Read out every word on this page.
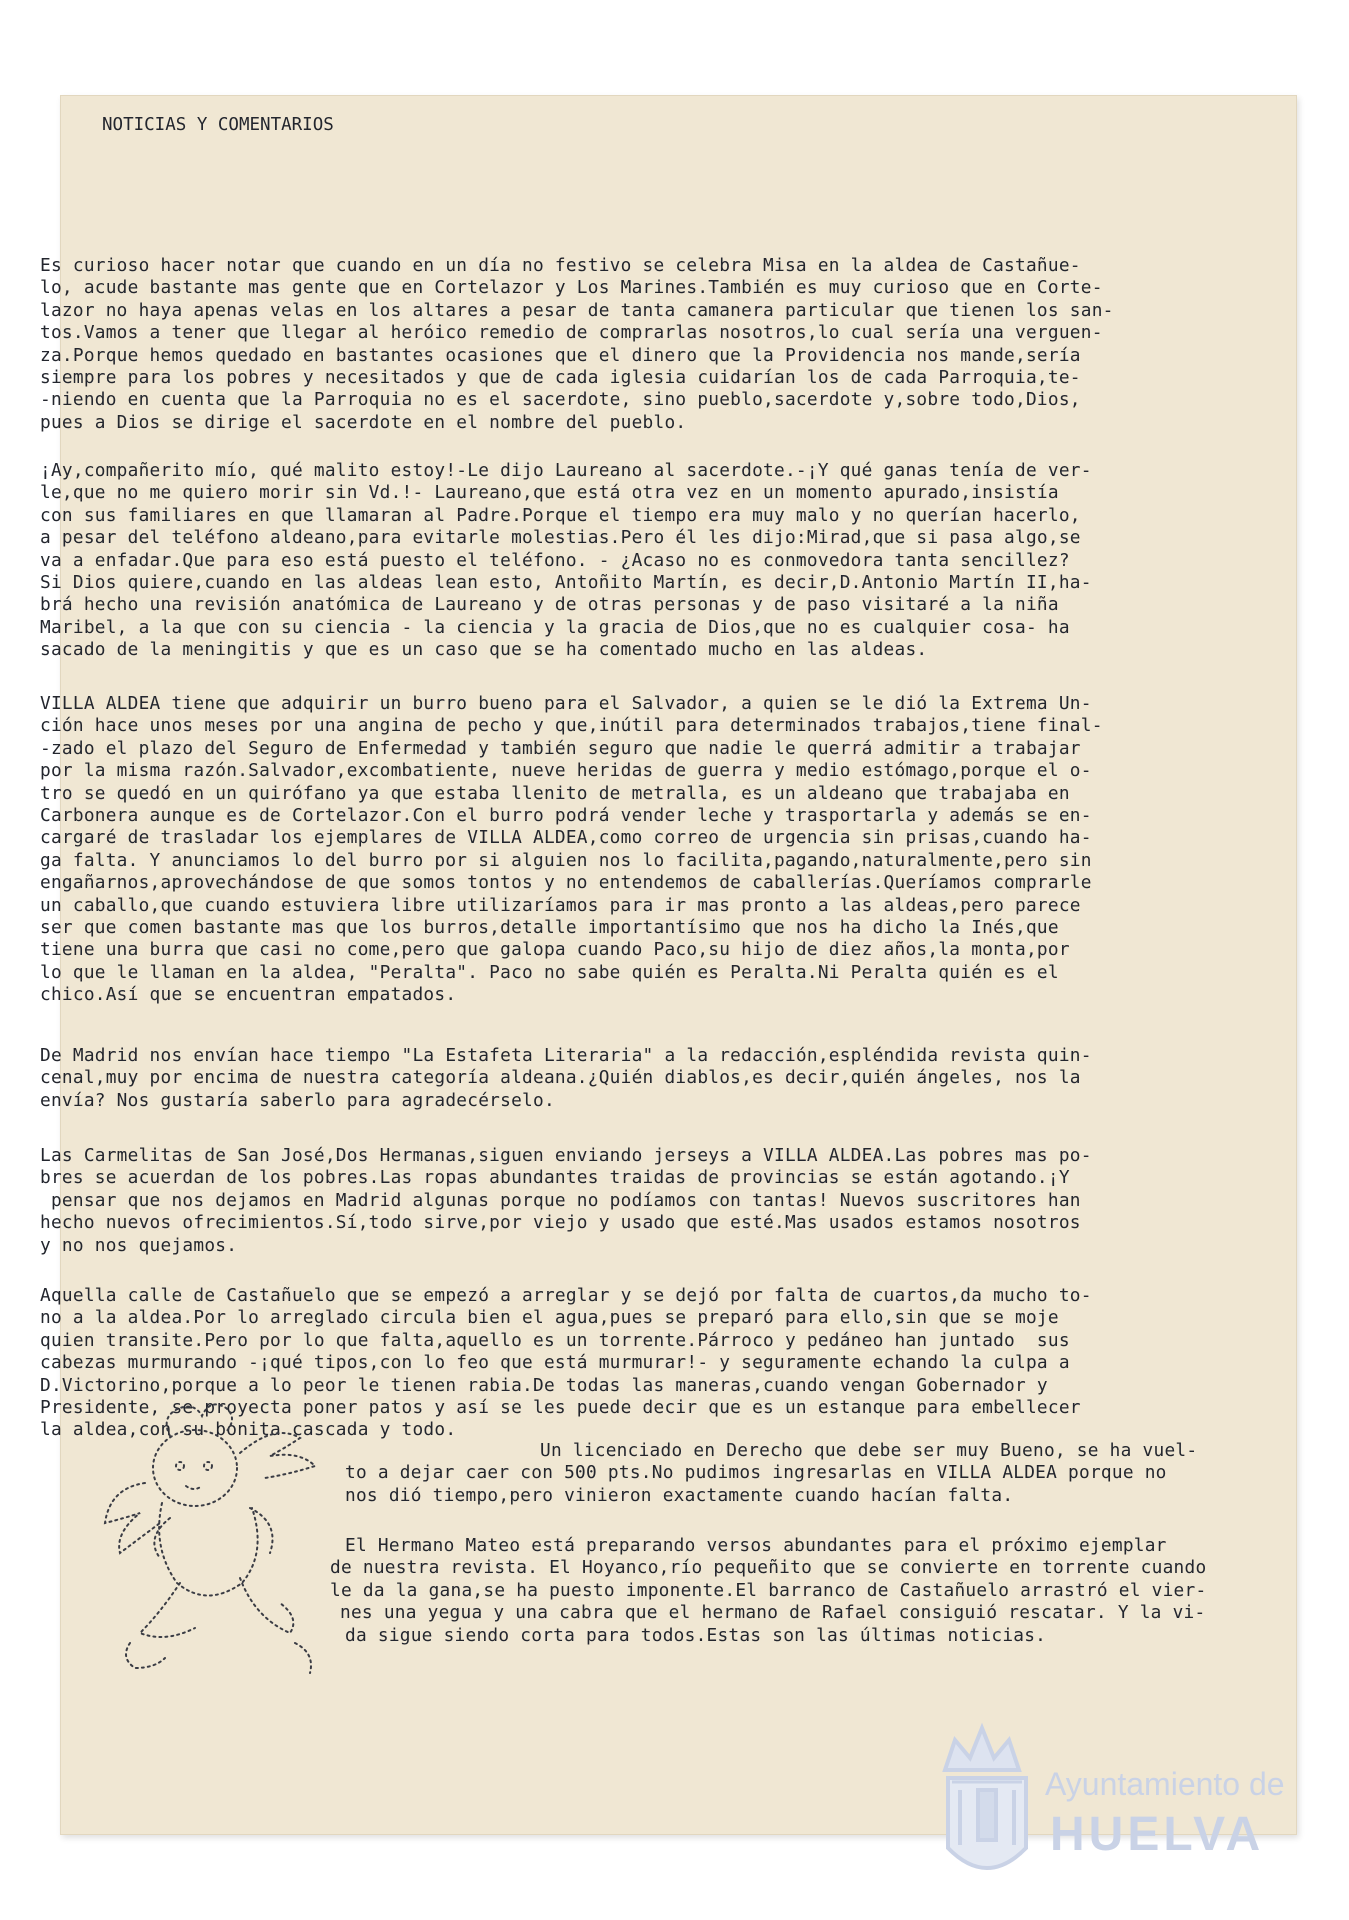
NOTICIAS Y COMENTARIOS
Es curioso hacer notar que cuando en un día no festivo se celebra Misa en la aldea de Castañue-
lo, acude bastante mas gente que en Cortelazor y Los Marines.También es muy curioso que en Corte-
lazor no haya apenas velas en los altares a pesar de tanta camanera particular que tienen los san-
tos.Vamos a tener que llegar al heróico remedio de comprarlas nosotros,lo cual sería una verguen-
za.Porque hemos quedado en bastantes ocasiones que el dinero que la Providencia nos mande,sería
siempre para los pobres y necesitados y que de cada iglesia cuidarían los de cada Parroquia,te-
-niendo en cuenta que la Parroquia no es el sacerdote, sino pueblo,sacerdote y,sobre todo,Dios,
pues a Dios se dirige el sacerdote en el nombre del pueblo.
¡Ay,compañerito mío, qué malito estoy!-Le dijo Laureano al sacerdote.-¡Y qué ganas tenía de ver-
le,que no me quiero morir sin Vd.!- Laureano,que está otra vez en un momento apurado,insistía
con sus familiares en que llamaran al Padre.Porque el tiempo era muy malo y no querían hacerlo,
a pesar del teléfono aldeano,para evitarle molestias.Pero él les dijo:Mirad,que si pasa algo,se
va a enfadar.Que para eso está puesto el teléfono. - ¿Acaso no es conmovedora tanta sencillez?
Si Dios quiere,cuando en las aldeas lean esto, Antoñito Martín, es decir,D.Antonio Martín II,ha-
brá hecho una revisión anatómica de Laureano y de otras personas y de paso visitaré a la niña
Maribel, a la que con su ciencia - la ciencia y la gracia de Dios,que no es cualquier cosa- ha
sacado de la meningitis y que es un caso que se ha comentado mucho en las aldeas.
VILLA ALDEA tiene que adquirir un burro bueno para el Salvador, a quien se le dió la Extrema Un-
ción hace unos meses por una angina de pecho y que,inútil para determinados trabajos,tiene final-
-zado el plazo del Seguro de Enfermedad y también seguro que nadie le querrá admitir a trabajar
por la misma razón.Salvador,excombatiente, nueve heridas de guerra y medio estómago,porque el o-
tro se quedó en un quirófano ya que estaba llenito de metralla, es un aldeano que trabajaba en
Carbonera aunque es de Cortelazor.Con el burro podrá vender leche y trasportarla y además se en-
cargaré de trasladar los ejemplares de VILLA ALDEA,como correo de urgencia sin prisas,cuando ha-
ga falta. Y anunciamos lo del burro por si alguien nos lo facilita,pagando,naturalmente,pero sin
engañarnos,aprovechándose de que somos tontos y no entendemos de caballerías.Queríamos comprarle
un caballo,que cuando estuviera libre utilizaríamos para ir mas pronto a las aldeas,pero parece
ser que comen bastante mas que los burros,detalle importantísimo que nos ha dicho la Inés,que
tiene una burra que casi no come,pero que galopa cuando Paco,su hijo de diez años,la monta,por
lo que le llaman en la aldea, "Peralta". Paco no sabe quién es Peralta.Ni Peralta quién es el
chico.Así que se encuentran empatados.
De Madrid nos envían hace tiempo "La Estafeta Literaria" a la redacción,espléndida revista quin-
cenal,muy por encima de nuestra categoría aldeana.¿Quién diablos,es decir,quién ángeles, nos la
envía? Nos gustaría saberlo para agradecérselo.
Las Carmelitas de San José,Dos Hermanas,siguen enviando jerseys a VILLA ALDEA.Las pobres mas po-
bres se acuerdan de los pobres.Las ropas abundantes traidas de provincias se están agotando.¡Y
pensar que nos dejamos en Madrid algunas porque no podíamos con tantas! Nuevos suscritores han
hecho nuevos ofrecimientos.Sí,todo sirve,por viejo y usado que esté.Mas usados estamos nosotros
y no nos quejamos.
Aquella calle de Castañuelo que se empezó a arreglar y se dejó por falta de cuartos,da mucho to-
no a la aldea.Por lo arreglado circula bien el agua,pues se preparó para ello,sin que se moje
quien transite.Pero por lo que falta,aquello es un torrente.Párroco y pedáneo han juntado  sus
cabezas murmurando -¡qué tipos,con lo feo que está murmurar!- y seguramente echando la culpa a
D.Victorino,porque a lo peor le tienen rabia.De todas las maneras,cuando vengan Gobernador y
Presidente, se proyecta poner patos y así se les puede decir que es un estanque para embellecer
la aldea,con su bonita cascada y todo.
Un licenciado en Derecho que debe ser muy Bueno, se ha vuel-
to a dejar caer con 500 pts.No pudimos ingresarlas en VILLA ALDEA porque no
nos dió tiempo,pero vinieron exactamente cuando hacían falta.
El Hermano Mateo está preparando versos abundantes para el próximo ejemplar
de nuestra revista. El Hoyanco,río pequeñito que se convierte en torrente cuando
le da la gana,se ha puesto imponente.El barranco de Castañuelo arrastró el vier-
nes una yegua y una cabra que el hermano de Rafael consiguió rescatar. Y la vi-
da sigue siendo corta para todos.Estas son las últimas noticias.
Ayuntamiento de
HUELVA
